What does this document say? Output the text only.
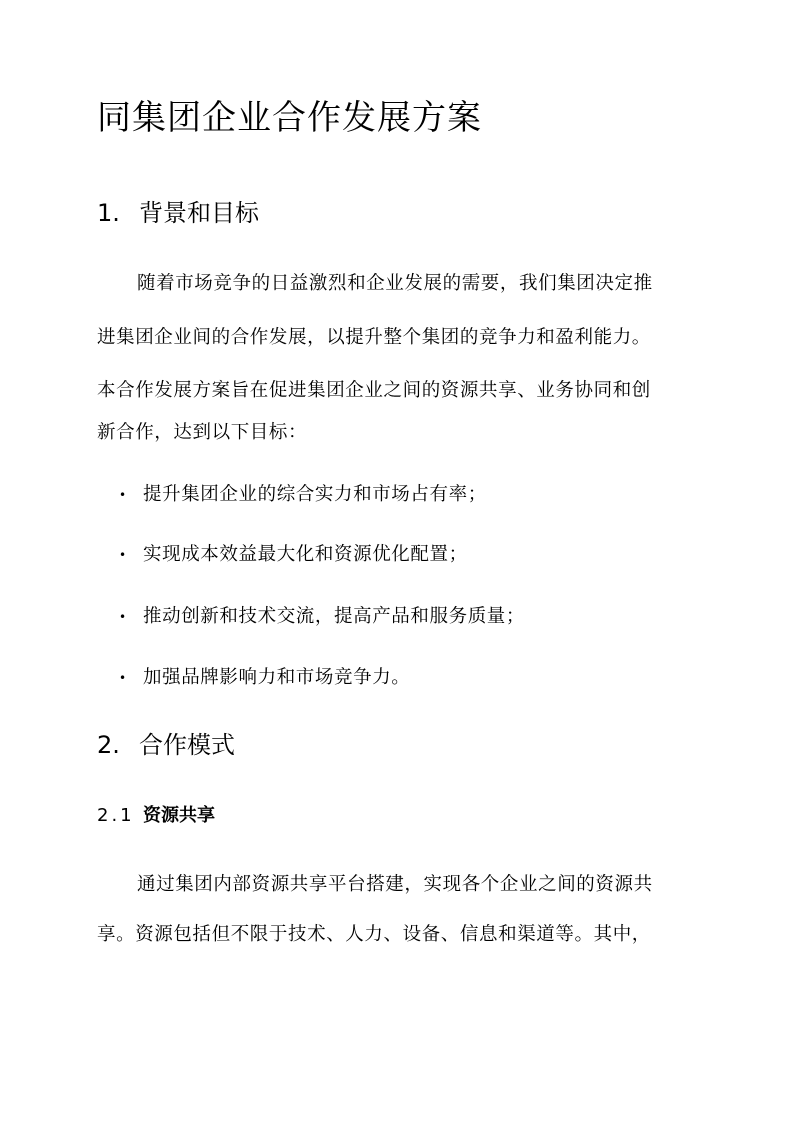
同集团企业合作发展方案
1. 背景和目标
随着市场竞争的日益激烈和企业发展的需要，我们集团决定推
进集团企业间的合作发展，以提升整个集团的竞争力和盈利能力。
本合作发展方案旨在促进集团企业之间的资源共享、业务协同和创
新合作，达到以下目标：
• 提升集团企业的综合实力和市场占有率；
• 实现成本效益最大化和资源优化配置；
• 推动创新和技术交流，提高产品和服务质量；
• 加强品牌影响力和市场竞争力。
2. 合作模式
2.1 资源共享
通过集团内部资源共享平台搭建，实现各个企业之间的资源共
享。资源包括但不限于技术、人力、设备、信息和渠道等。其中，
